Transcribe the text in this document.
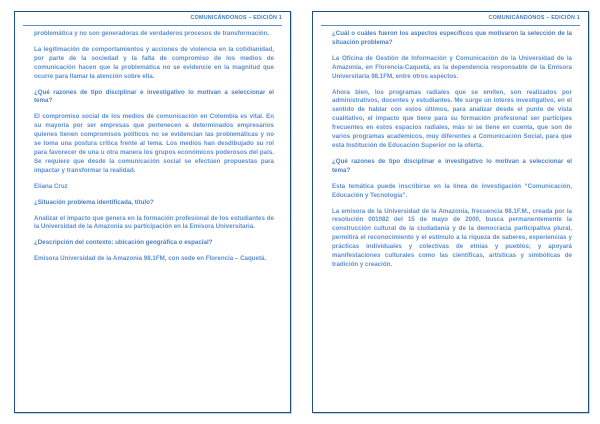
COMUNICÁNDONOS – EDICIÓN 1

problemática y no son generadoras de verdaderos procesos de transformación.

La legitimación de comportamientos y acciones de violencia en la cotidianidad, por parte de la sociedad y la falta de compromiso de los medios de comunicación hacen que la problemática no se evidencie en la magnitud que ocurre para llamar la atención sobre ella.

¿Qué razones de tipo disciplinar e investigativo lo motivan a seleccionar el tema?

El compromiso social de los medios de comunicación en Colombia es vital. En su mayoría por ser empresas que pertenecen a determinados empresarios quienes tienen compromisos políticos no se evidencian las problemáticas y no se toma una postura crítica frente al tema. Los medios han desdibujado su rol para favorecer de una u otra manera los grupos económicos poderosos del país. Se requiere que desde la comunicación social se efectúen propuestas para impactar y transformar la realidad.

Eliana Cruz

¿Situación problema identificada, título?

Analizar el impacto que genera en la formación profesional de los estudiantes de la Universidad de la Amazonia su participación en la Emisora Universitaria.

¿Descripción del contexto: ubicación geográfica o espacial?

Emisora Universidad de la Amazonia 98.1FM, con sede en Florencia – Caquetá.

COMUNICÁNDONOS – EDICIÓN 1

¿Cuál o cuáles fueron los aspectos específicos que motivaron la selección de la situación problema?

La Oficina de Gestión de Información y Comunicación de la Universidad de la Amazonia, en Florencia-Caquetá, es la dependencia responsable de la Emisora Universitaria 98.1FM, entre otros aspectos.

Ahora bien, los programas radiales que se emiten, son realizados por administrativos, docentes y estudiantes. Me surge un interés investigativo, en el sentido de hablar con estos últimos, para analizar desde el punto de vista cualitativo, el impacto que tiene para su formación profesional ser partícipes frecuentes en estos espacios radiales, más si se tiene en cuenta, que son de varios programas académicos, muy diferentes a Comunicación Social, para que esta Institución de Educación Superior no la oferta.

¿Qué razones de tipo disciplinar e investigativo lo motivan a seleccionar el tema?

Esta temática puede inscribirse en la línea de investigación “Comunicación, Educación y Tecnología”.

La emisora de la Universidad de la Amazonia, frecuencia 98.1F.M., creada por la resolución 001082 del 15 de mayo de 2000, busca permanentemente la construcción cultural de la ciudadanía y de la democracia participativa plural, permitirá el reconocimiento y el estímulo a la riqueza de saberes, experiencias y prácticas individuales y colectivas de etnias y pueblos; y apoyará manifestaciones culturales como las científicas, artísticas y simbólicas de tradición y creación.
